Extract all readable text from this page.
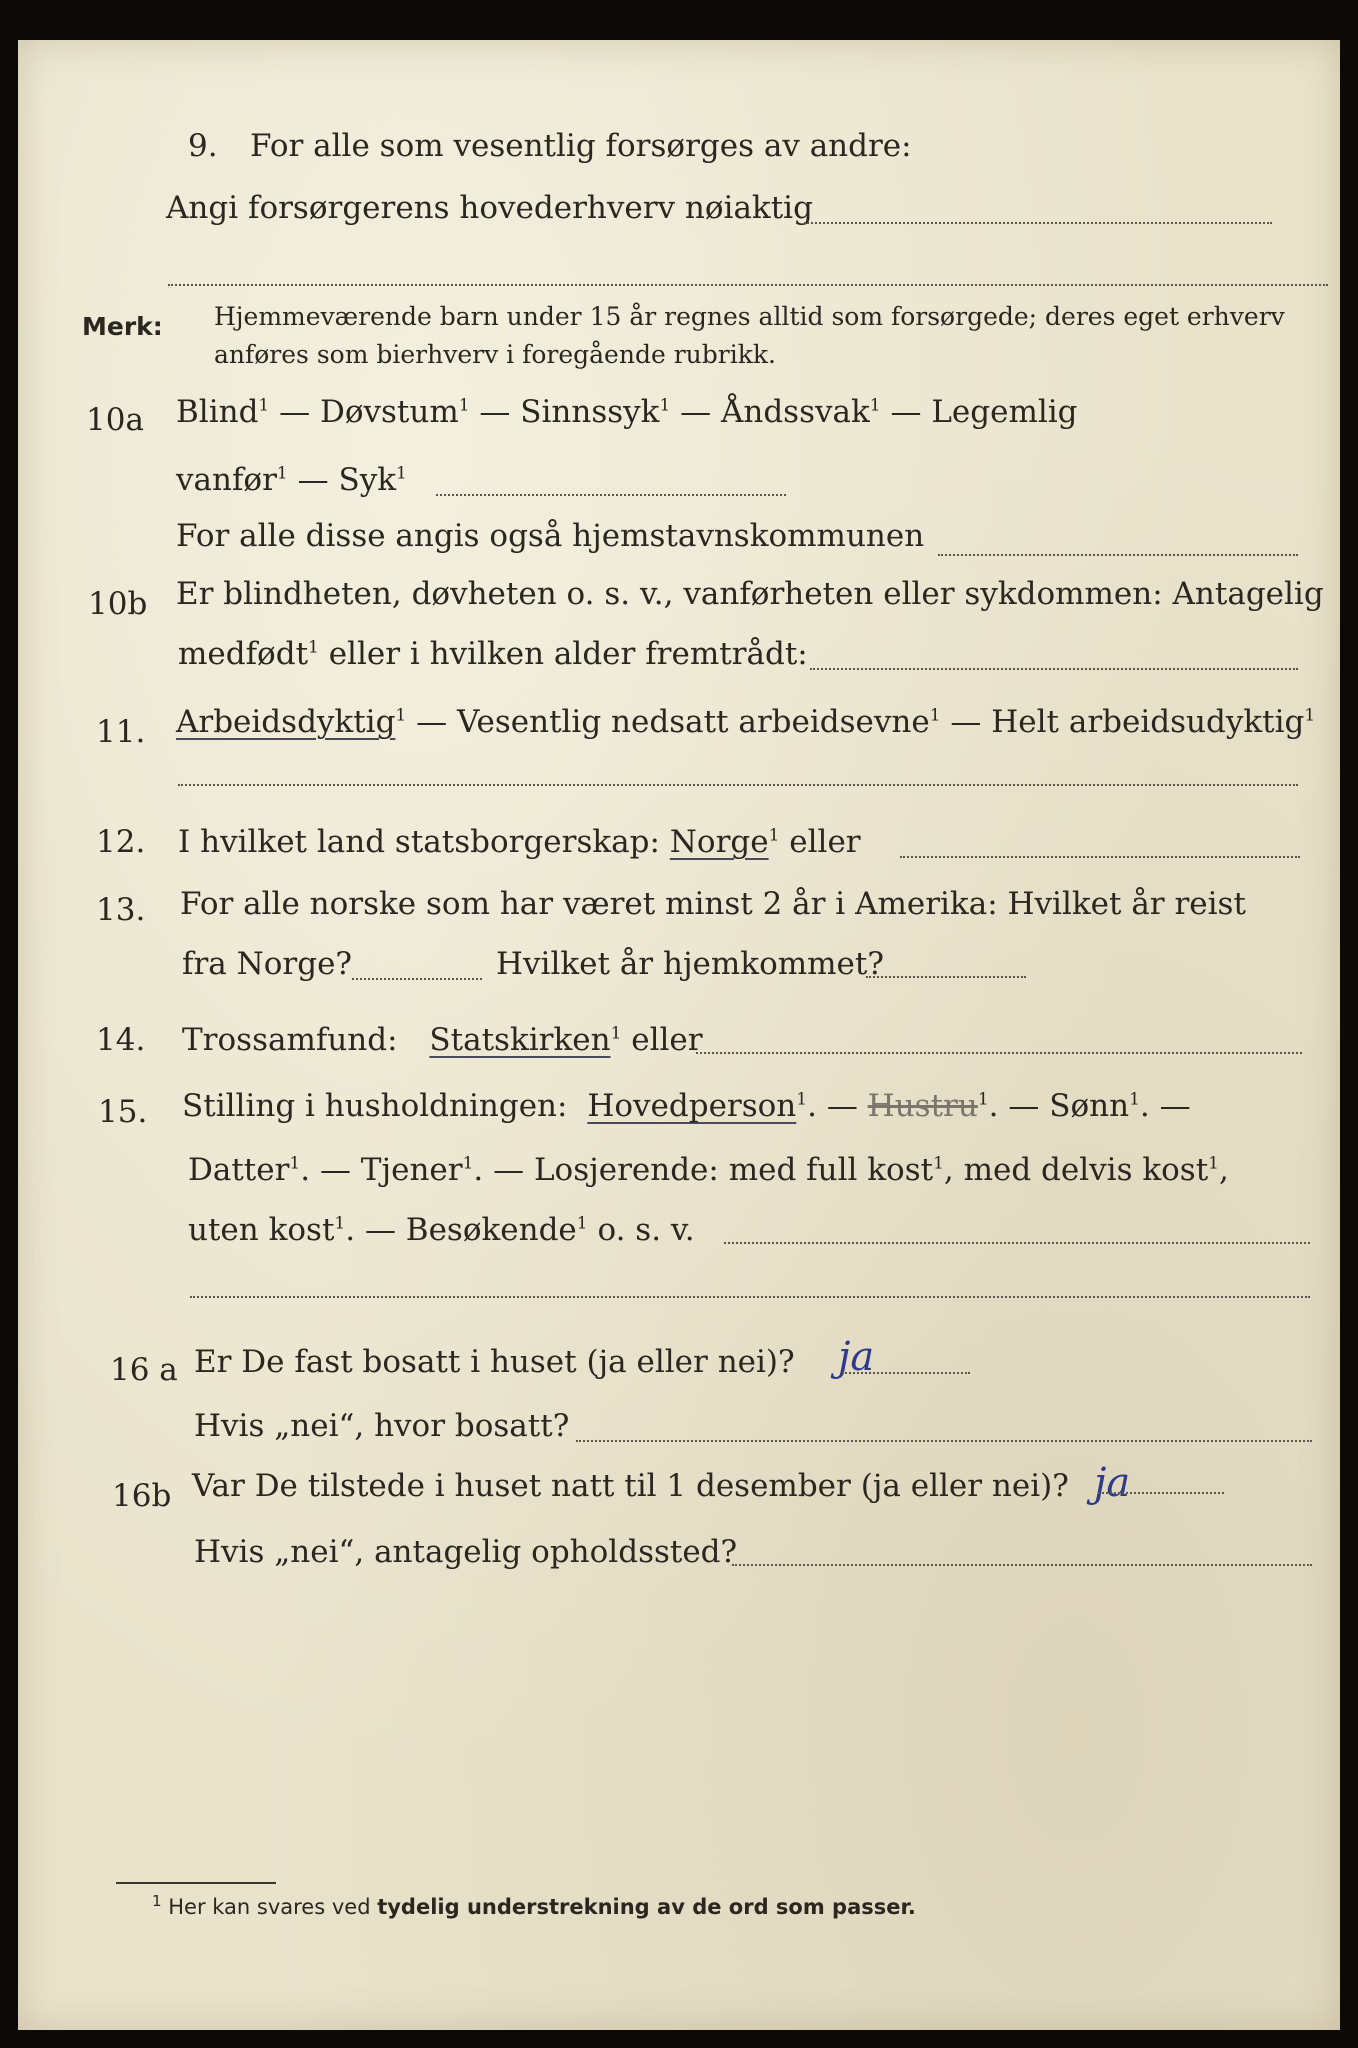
9. For alle som vesentlig forsørges av andre:
Angi forsørgerens hovederhverv nøiaktig
Merk: Hjemmeværende barn under 15 år regnes alltid som forsørgede; deres eget erhverv
anføres som bierhverv i foregående rubrikk.
10a Blind$^1$ — Døvstum$^1$ — Sinnssyk$^1$ — Åndssvak$^1$ — Legemlig
vanfør$^1$ — Syk$^1$
For alle disse angis også hjemstavnskommunen
10b Er blindheten, døvheten o. s. v., vanførheten eller sykdommen: Antagelig
medfødt$^1$ eller i hvilken alder fremtrådt:
11. Arbeidsdyktig$^1$ — Vesentlig nedsatt arbeidsevne$^1$ — Helt arbeidsudyktig$^1$
12. I hvilket land statsborgerskap: Norge$^1$ eller
13. For alle norske som har været minst 2 år i Amerika: Hvilket år reist
fra Norge?	Hvilket år hjemkommet?
14. Trossamfund: Statskirken$^1$ eller
15. Stilling i husholdningen: Hovedperson$^1$. — Hustru$^1$. — Sønn$^1$. —
Datter$^1$. — Tjener$^1$. — Losjerende: med full kost$^1$, med delvis kost$^1$,
uten kost$^1$. — Besøkende$^1$ o. s. v.
16 a Er De fast bosatt i huset (ja eller nei)? ja
Hvis „nei“, hvor bosatt?
16b Var De tilstede i huset natt til 1 desember (ja eller nei)? ja
Hvis „nei“, antagelig opholdssted?
$^1$ Her kan svares ved tydelig understrekning av de ord som passer.
